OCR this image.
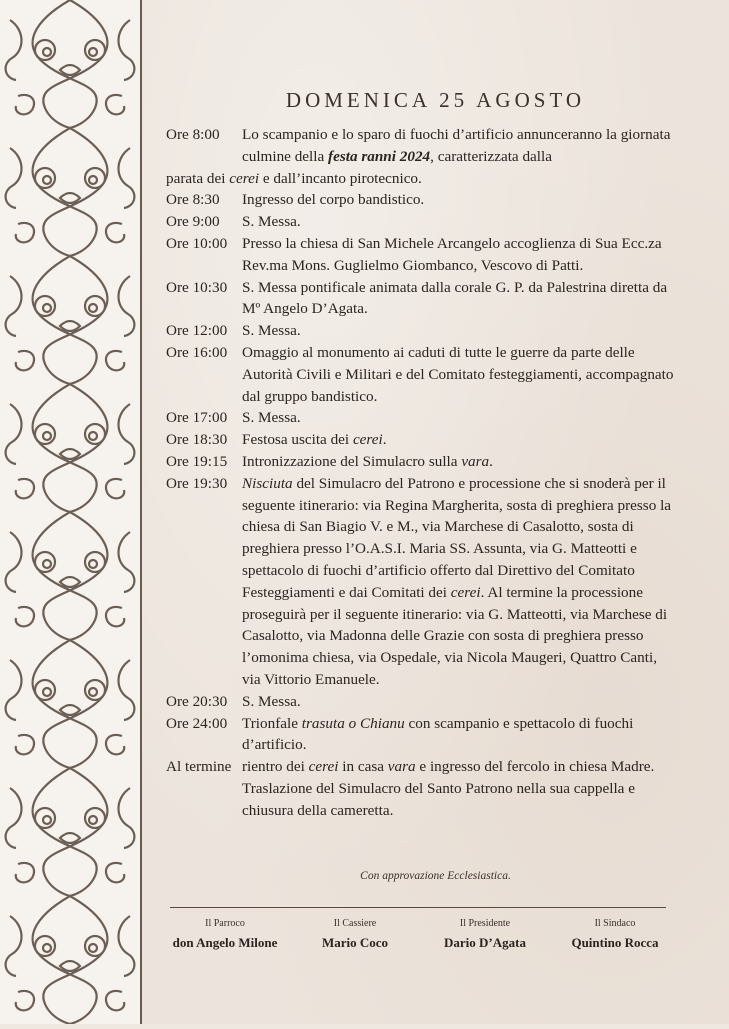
DOMENICA 25 AGOSTO
Ore 8:00	Lo scampanio e lo sparo di fuochi d’artificio annunceranno la giornata culmine della festa ranni 2024, caratterizzata dalla
parata dei cerei e dall’incanto pirotecnico.
Ore 8:30	Ingresso del corpo bandistico.
Ore 9:00	S. Messa.
Ore 10:00 Presso la chiesa di San Michele Arcangelo accoglienza di Sua Ecc.za Rev.ma Mons. Guglielmo Giombanco, Vescovo di Patti.
Ore 10:30 S. Messa pontificale animata dalla corale G. P. da Palestrina diretta da Mº Angelo D’Agata.
Ore 12:00 S. Messa.
Ore 16:00 Omaggio al monumento ai caduti di tutte le guerre da parte delle Autorità Civili e Militari e del Comitato festeggiamenti, accompagnato dal gruppo bandistico.
Ore 17:00 S. Messa.
Ore 18:30 Festosa uscita dei cerei.
Ore 19:15 Intronizzazione del Simulacro sulla vara.
Ore 19:30 Nisciuta del Simulacro del Patrono e processione che si snoderà per il seguente itinerario: via Regina Margherita, sosta di preghiera presso la chiesa di San Biagio V. e M., via Marchese di Casalotto, sosta di preghiera presso l’O.A.S.I. Maria SS. Assunta, via G. Matteotti e spettacolo di fuochi d’artificio offerto dal Direttivo del Comitato Festeggiamenti e dai Comitati dei cerei. Al termine la processione proseguirà per il seguente itinerario: via G. Matteotti, via Marchese di Casalotto, via Madonna delle Grazie con sosta di preghiera presso l’omonima chiesa, via Ospedale, via Nicola Maugeri, Quattro Canti, via Vittorio Emanuele.
Ore 20:30 S. Messa.
Ore 24:00 Trionfale trasuta o Chianu con scampanio e spettacolo di fuochi d’artificio.
Al termine rientro dei cerei in casa vara e ingresso del fercolo in chiesa Madre. Traslazione del Simulacro del Santo Patrono nella sua cappella e chiusura della cameretta.
Con approvazione Ecclesiastica.
Il Parroco
don Angelo Milone
Il Cassiere
Mario Coco
Il Presidente
Dario D’Agata
Il Sindaco
Quintino Rocca
